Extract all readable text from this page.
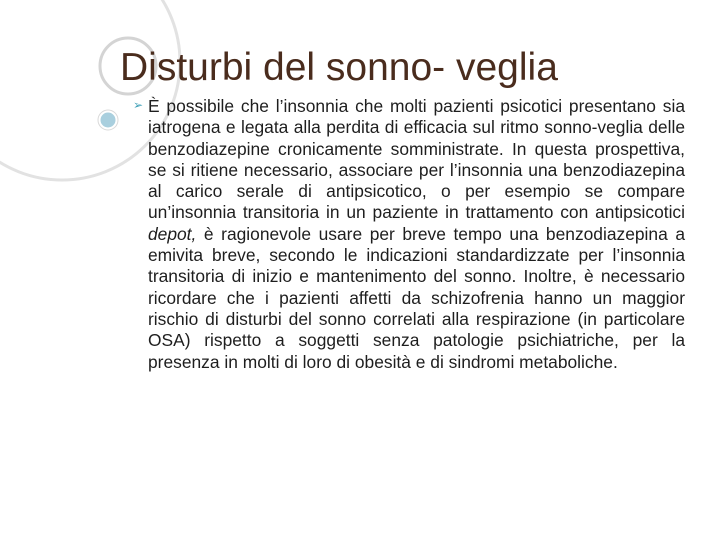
Disturbi del sonno- veglia
➢ È possibile che l’insonnia che molti pazienti psicotici presentano sia iatrogena e legata alla perdita di efficacia sul ritmo sonno-veglia delle benzodiazepine cronicamente somministrate. In questa prospettiva, se si ritiene necessario, associare per l’insonnia una benzodiazepina al carico serale di antipsicotico, o per esempio se compare un’insonnia transitoria in un paziente in trattamento con antipsicotici depot, è ragionevole usare per breve tempo una benzodiazepina a emivita breve, secondo le indicazioni standardizzate per l’insonnia transitoria di inizio e mantenimento del sonno. Inoltre, è necessario ricordare che i pazienti affetti da schizofrenia hanno un maggior rischio di disturbi del sonno correlati alla respirazione (in particolare OSA) rispetto a soggetti senza patologie psichiatriche, per la presenza in molti di loro di obesità e di sindromi metaboliche.
